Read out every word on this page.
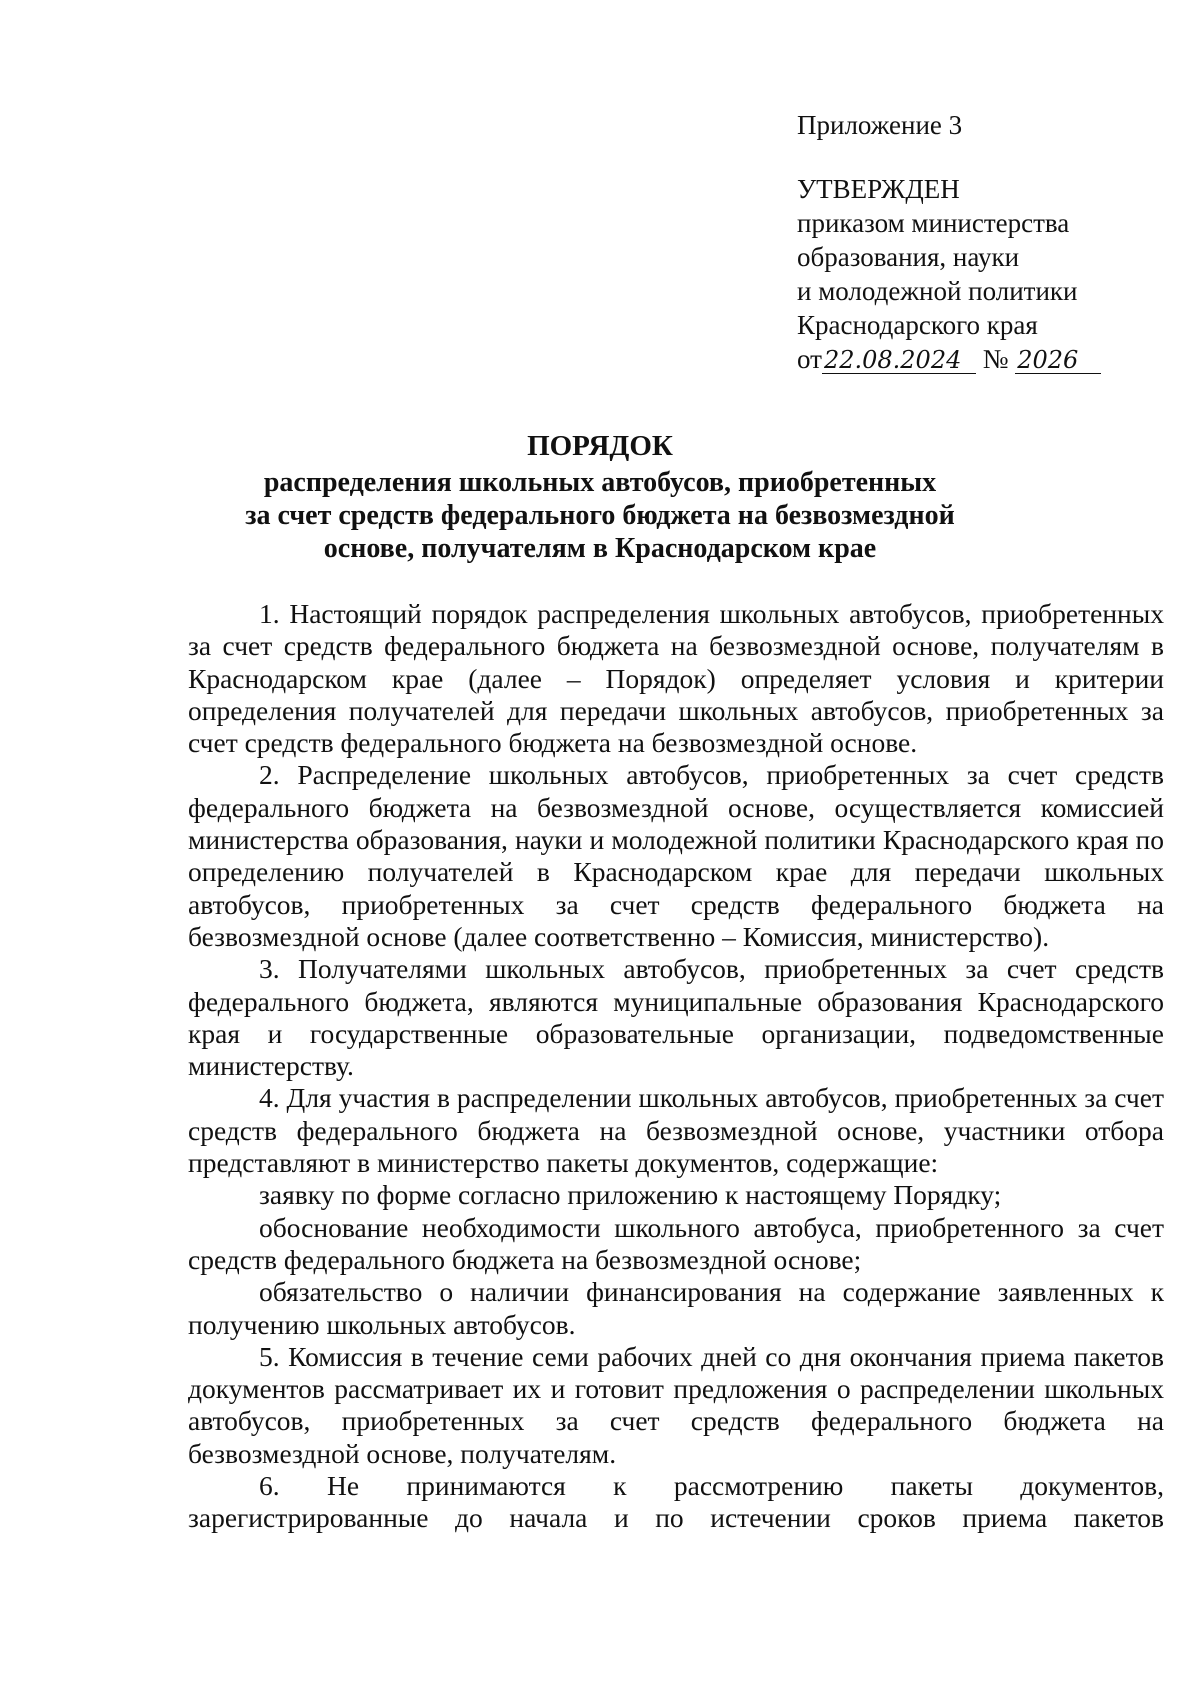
Приложение 3
УТВЕРЖДЕН
приказом министерства
образования, науки
и молодежной политики
Краснодарского края
от22.08.2024 № 2026
ПОРЯДОК
распределения школьных автобусов, приобретенных
за счет средств федерального бюджета на безвозмездной
основе, получателям в Краснодарском крае

1. Настоящий порядок распределения школьных автобусов, приобретенных за счет средств федерального бюджета на безвозмездной основе, получателям в Краснодарском крае (далее – Порядок) определяет условия и критерии определения получателей для передачи школьных автобусов, приобретенных за счет средств федерального бюджета на безвозмездной основе.

2. Распределение школьных автобусов, приобретенных за счет средств федерального бюджета на безвозмездной основе, осуществляется комиссией министерства образования, науки и молодежной политики Краснодарского края по определению получателей в Краснодарском крае для передачи школьных автобусов, приобретенных за счет средств федерального бюджета на безвозмездной основе (далее соответственно – Комиссия, министерство).

3. Получателями школьных автобусов, приобретенных за счет средств федерального бюджета, являются муниципальные образования Краснодарского края и государственные образовательные организации, подведомственные министерству.

4. Для участия в распределении школьных автобусов, приобретенных за счет средств федерального бюджета на безвозмездной основе, участники отбора представляют в министерство пакеты документов, содержащие:

заявку по форме согласно приложению к настоящему Порядку;

обоснование необходимости школьного автобуса, приобретенного за счет средств федерального бюджета на безвозмездной основе;

обязательство о наличии финансирования на содержание заявленных к получению школьных автобусов.

5. Комиссия в течение семи рабочих дней со дня окончания приема пакетов документов рассматривает их и готовит предложения о распределении школьных автобусов, приобретенных за счет средств федерального бюджета на безвозмездной основе, получателям.

6. Не принимаются к рассмотрению пакеты документов, зарегистрированные до начала и по истечении сроков приема пакетов
